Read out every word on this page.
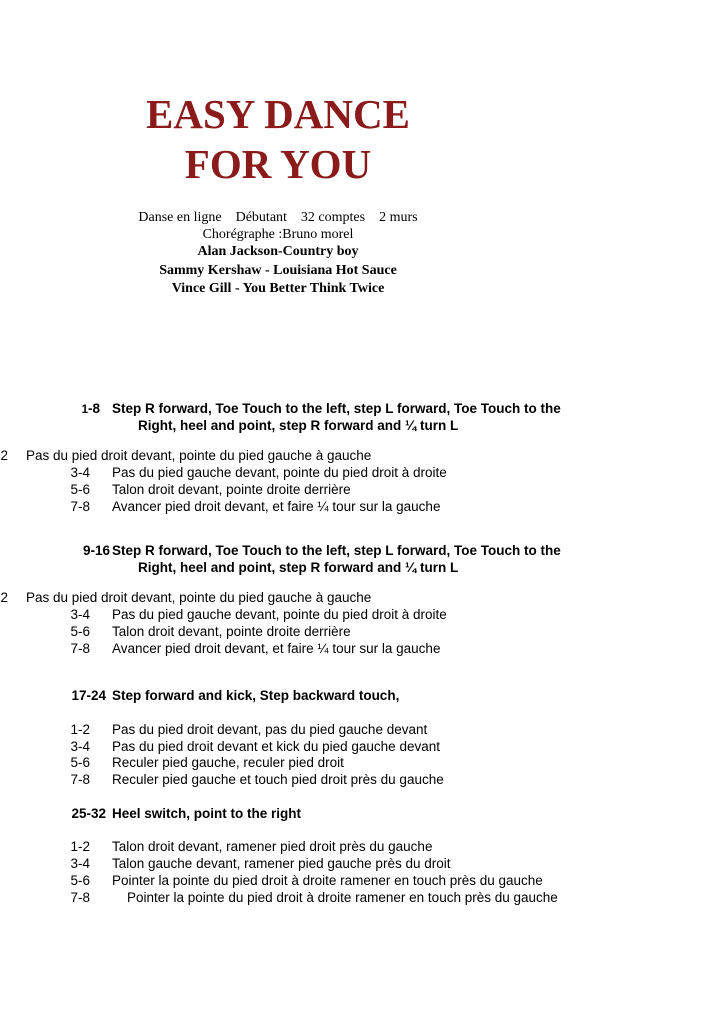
EASY DANCE
FOR YOU
Danse en ligne    Débutant    32 comptes    2 murs
Chorégraphe :Bruno morel
Alan Jackson-Country boy
Sammy Kershaw - Louisiana Hot Sauce
Vince Gill - You Better Think Twice
1-8 Step R forward, Toe Touch to the left, step L forward, Toe Touch to the
Right, heel and point, step R forward and ¼ turn L
2 Pas du pied droit devant, pointe du pied gauche à gauche
3-4 Pas du pied gauche devant, pointe du pied droit à droite
5-6 Talon droit devant, pointe droite derrière
7-8 Avancer pied droit devant, et faire ¼ tour sur la gauche
9-16 Step R forward, Toe Touch to the left, step L forward, Toe Touch to the
Right, heel and point, step R forward and ¼ turn L
2 Pas du pied droit devant, pointe du pied gauche à gauche
3-4 Pas du pied gauche devant, pointe du pied droit à droite
5-6 Talon droit devant, pointe droite derrière
7-8 Avancer pied droit devant, et faire ¼ tour sur la gauche
17-24 Step forward and kick, Step backward touch,
1-2 Pas du pied droit devant, pas du pied gauche devant
3-4 Pas du pied droit devant et kick du pied gauche devant
5-6 Reculer pied gauche, reculer pied droit
7-8 Reculer pied gauche et touch pied droit près du gauche
25-32 Heel switch, point to the right
1-2 Talon droit devant, ramener pied droit près du gauche
3-4 Talon gauche devant, ramener pied gauche près du droit
5-6 Pointer la pointe du pied droit à droite ramener en touch près du gauche
7-8	Pointer la pointe du pied droit à droite ramener en touch près du gauche
